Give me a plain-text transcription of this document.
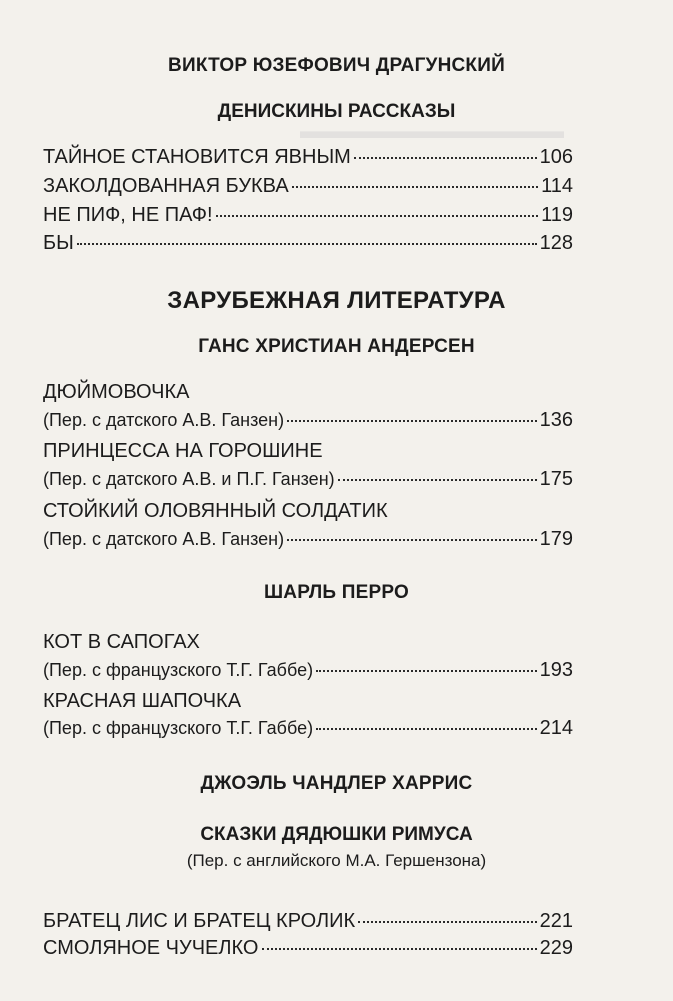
▬▬▬▬▬▬▬▬▬▬▬▬
ВИКТОР ЮЗЕФОВИЧ ДРАГУНСКИЙ
ДЕНИСКИНЫ РАССКАЗЫ
ТАЙНОЕ СТАНОВИТСЯ ЯВНЫМ	106
ЗАКОЛДОВАННАЯ БУКВА	114
НЕ ПИФ, НЕ ПАФ!	119
БЫ	128
ЗАРУБЕЖНАЯ ЛИТЕРАТУРА
ГАНС ХРИСТИАН АНДЕРСЕН
ДЮЙМОВОЧКА
(Пер. с датского А.В. Ганзен)	136
ПРИНЦЕССА НА ГОРОШИНЕ
(Пер. с датского А.В. и П.Г. Ганзен)	175
СТОЙКИЙ ОЛОВЯННЫЙ СОЛДАТИК
(Пер. с датского А.В. Ганзен)	179
ШАРЛЬ ПЕРРО
КОТ В САПОГАХ
(Пер. с французского Т.Г. Габбе)	193
КРАСНАЯ ШАПОЧКА
(Пер. с французского Т.Г. Габбе)	214
ДЖОЭЛЬ ЧАНДЛЕР ХАРРИС
СКАЗКИ ДЯДЮШКИ РИМУСА
(Пер. с английского М.А. Гершензона)
БРАТЕЦ ЛИС И БРАТЕЦ КРОЛИК	221
СМОЛЯНОЕ ЧУЧЕЛКО	229
